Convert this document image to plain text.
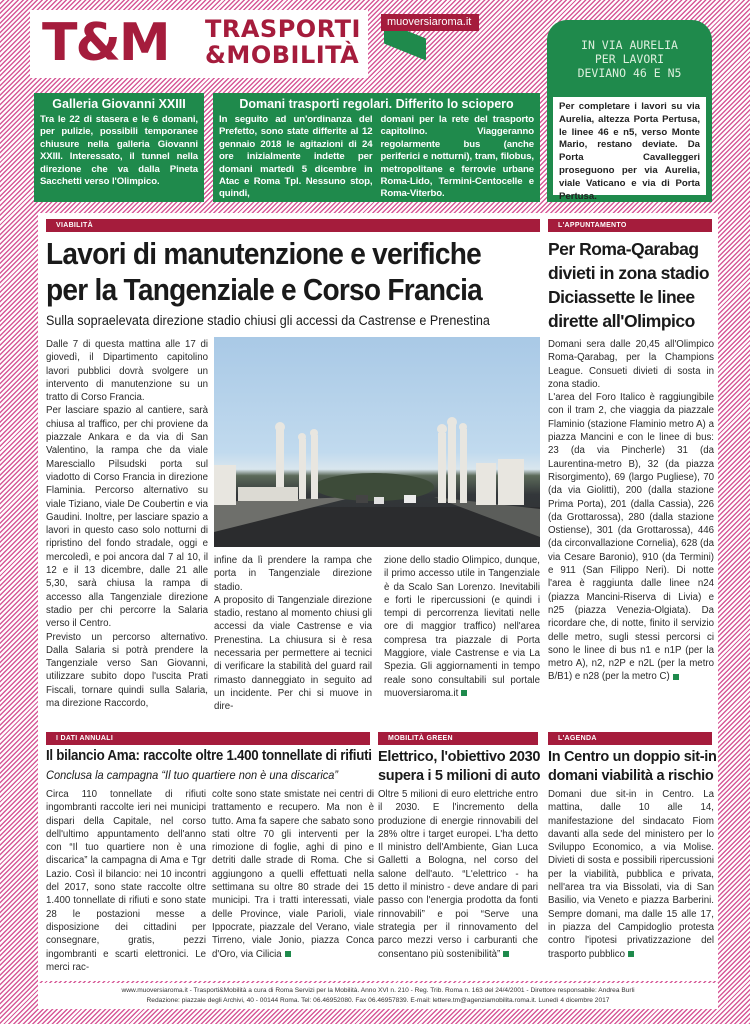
T&M TRASPORTI
&MOBILITÀ
muoversiaroma.it
Galleria Giovanni XXIII
Tra le 22 di stasera e le 6 domani, per pulizie, possibili temporanee chiusure nella galleria Giovanni XXIII. Interessato, il tunnel nella direzione che va dalla Pineta Sacchetti verso l'Olimpico.
Domani trasporti regolari. Differito lo sciopero
In seguito ad un'ordinanza del Prefetto, sono state differite al 12 gennaio 2018 le agitazioni di 24 ore inizialmente indette per domani martedì 5 dicembre in Atac e Roma Tpl. Nessuno stop, quindi,
domani per la rete del trasporto capitolino. Viaggeranno regolarmente bus (anche periferici e notturni), tram, filobus, metropolitane e ferrovie urbane Roma-Lido, Termini-Centocelle e Roma-Viterbo.
IN VIA AURELIA
PER LAVORI
DEVIANO 46 E N5
Per completare i lavori su via Aurelia, altezza Porta Pertusa, le linee 46 e n5, verso Monte Mario, restano deviate. Da Porta Cavalleggeri proseguono per via Aurelia, viale Vaticano e via di Porta Pertusa.
VIABILITÀ	L'APPUNTAMENTO
Lavori di manutenzione e verifiche
per la Tangenziale e Corso Francia
Sulla sopraelevata direzione stadio chiusi gli accessi da Castrense e Prenestina

Dalle 7 di questa mattina alle 17 di giovedì, il Dipartimento capitolino lavori pubblici dovrà svolgere un intervento di manutenzione su un tratto di Corso Francia.

Per lasciare spazio al cantiere, sarà chiusa al traffico, per chi proviene da piazzale Ankara e da via di San Valentino, la rampa che da viale Maresciallo Pilsudski porta sul viadotto di Corso Francia in direzione Flaminia. Percorso alternativo su viale Tiziano, viale De Coubertin e via Gaudini. Inoltre, per lasciare spazio a lavori in questo caso solo notturni di ripristino del fondo stradale, oggi e mercoledì, e poi ancora dal 7 al 10, il 12 e il 13 dicembre, dalle 21 alle 5,30, sarà chiusa la rampa di accesso alla Tangenziale direzione stadio per chi percorre la Salaria verso il Centro.

Previsto un percorso alternativo. Dalla Salaria si potrà prendere la Tangenziale verso San Giovanni, utilizzare subito dopo l'uscita Prati Fiscali, tornare quindi sulla Salaria, ma direzione Raccordo,

infine da lì prendere la rampa che porta in Tangenziale direzione stadio.

A proposito di Tangenziale direzione stadio, restano al momento chiusi gli accessi da viale Castrense e via Prenestina. La chiusura si è resa necessaria per permettere ai tecnici di verificare la stabilità del guard rail rimasto danneggiato in seguito ad un incidente. Per chi si muove in dire-

zione dello stadio Olimpico, dunque, il primo accesso utile in Tangenziale è da Scalo San Lorenzo. Inevitabili e forti le ripercussioni (e quindi i tempi di percorrenza lievitati nelle ore di maggior traffico) nell'area compresa tra piazzale di Porta Maggiore, viale Castrense e via La Spezia. Gli aggiornamenti in tempo reale sono consultabili sul portale muoversiaroma.it
Per Roma-Qarabag divieti in zona stadio Diciassette le linee dirette all'Olimpico

Domani sera dalle 20,45 all'Olimpico Roma-Qarabag, per la Champions League. Consueti divieti di sosta in zona stadio.

L'area del Foro Italico è raggiungibile con il tram 2, che viaggia da piazzale Flaminio (stazione Flaminio metro A) a piazza Mancini e con le linee di bus: 23 (da via Pincherle) 31 (da Laurentina-metro B), 32 (da piazza Risorgimento), 69 (largo Pugliese), 70 (da via Giolitti), 200 (dalla stazione Prima Porta), 201 (dalla Cassia), 226 (da Grottarossa), 280 (dalla stazione Ostiense), 301 (da Grottarossa), 446 (da circonvallazione Cornelia), 628 (da via Cesare Baronio), 910 (da Termini) e 911 (San Filippo Neri). Di notte l'area è raggiunta dalle linee n24 (piazza Mancini-Riserva di Livia) e n25 (piazza Venezia-Olgiata). Da ricordare che, di notte, finito il servizio delle metro, sugli stessi percorsi ci sono le linee di bus n1 e n1P (per la metro A), n2, n2P e n2L (per la metro B/B1) e n28 (per la metro C)

I DATI ANNUALI	MOBILITÀ GREEN	L'AGENDA
Il bilancio Ama: raccolte oltre 1.400 tonnellate di rifiuti
Conclusa la campagna “Il tuo quartiere non è una discarica”
Circa 110 tonnellate di rifiuti ingombranti raccolte ieri nei municipi dispari della Capitale, nel corso dell'ultimo appuntamento dell'anno con “Il tuo quartiere non è una discarica” la campagna di Ama e Tgr Lazio. Così il bilancio: nei 10 incontri del 2017, sono state raccolte oltre 1.400 tonnellate di rifiuti e sono state 28 le postazioni messe a disposizione dei cittadini per consegnare, gratis, pezzi ingombranti e scarti elettronici. Le merci rac-
colte sono state smistate nei centri di trattamento e recupero. Ma non è tutto. Ama fa sapere che sabato sono stati oltre 70 gli interventi per la rimozione di foglie, aghi di pino e detriti dalle strade di Roma. Che si aggiungono a quelli effettuati nella settimana su oltre 80 strade dei 15 municipi. Tra i tratti interessati, viale delle Province, viale Parioli, viale Ippocrate, piazzale del Verano, viale Tirreno, viale Jonio, piazza Conca d'Oro, via Cilicia
Elettrico, l'obiettivo 2030 supera i 5 milioni di auto
Oltre 5 milioni di euro elettriche entro il 2030. E l'incremento della produzione di energie rinnovabili del 28% oltre i target europei. L'ha detto Il ministro dell'Ambiente, Gian Luca Galletti a Bologna, nel corso del salone dell'auto. “L'elettrico - ha detto il ministro - deve andare di pari passo con l'energia prodotta da fonti rinnovabili” e poi “Serve una strategia per il rinnovamento del parco mezzi verso i carburanti che consentano più sostenibilità”
In Centro un doppio sit-in domani viabilità a rischio
Domani due sit-in in Centro. La mattina, dalle 10 alle 14, manifestazione del sindacato Fiom davanti alla sede del ministero per lo Sviluppo Economico, a via Molise. Divieti di sosta e possibili ripercussioni per la viabilità, pubblica e privata, nell'area tra via Bissolati, via di San Basilio, via Veneto e piazza Barberini. Sempre domani, ma dalle 15 alle 17, in piazza del Campidoglio protesta contro l'ipotesi privatizzazione del trasporto pubblico
www.muoversiaroma.it - Trasporti&Mobilità a cura di Roma Servizi per la Mobilità. Anno XVI n. 210 - Reg. Trib. Roma n. 163 del 24/4/2001 - Direttore responsabile: Andrea Burli
Redazione: piazzale degli Archivi, 40 - 00144 Roma. Tel: 06.46952080. Fax 06.46957839. E-mail: lettere.tm@agenziamobilita.roma.it. Lunedì 4 dicembre 2017
